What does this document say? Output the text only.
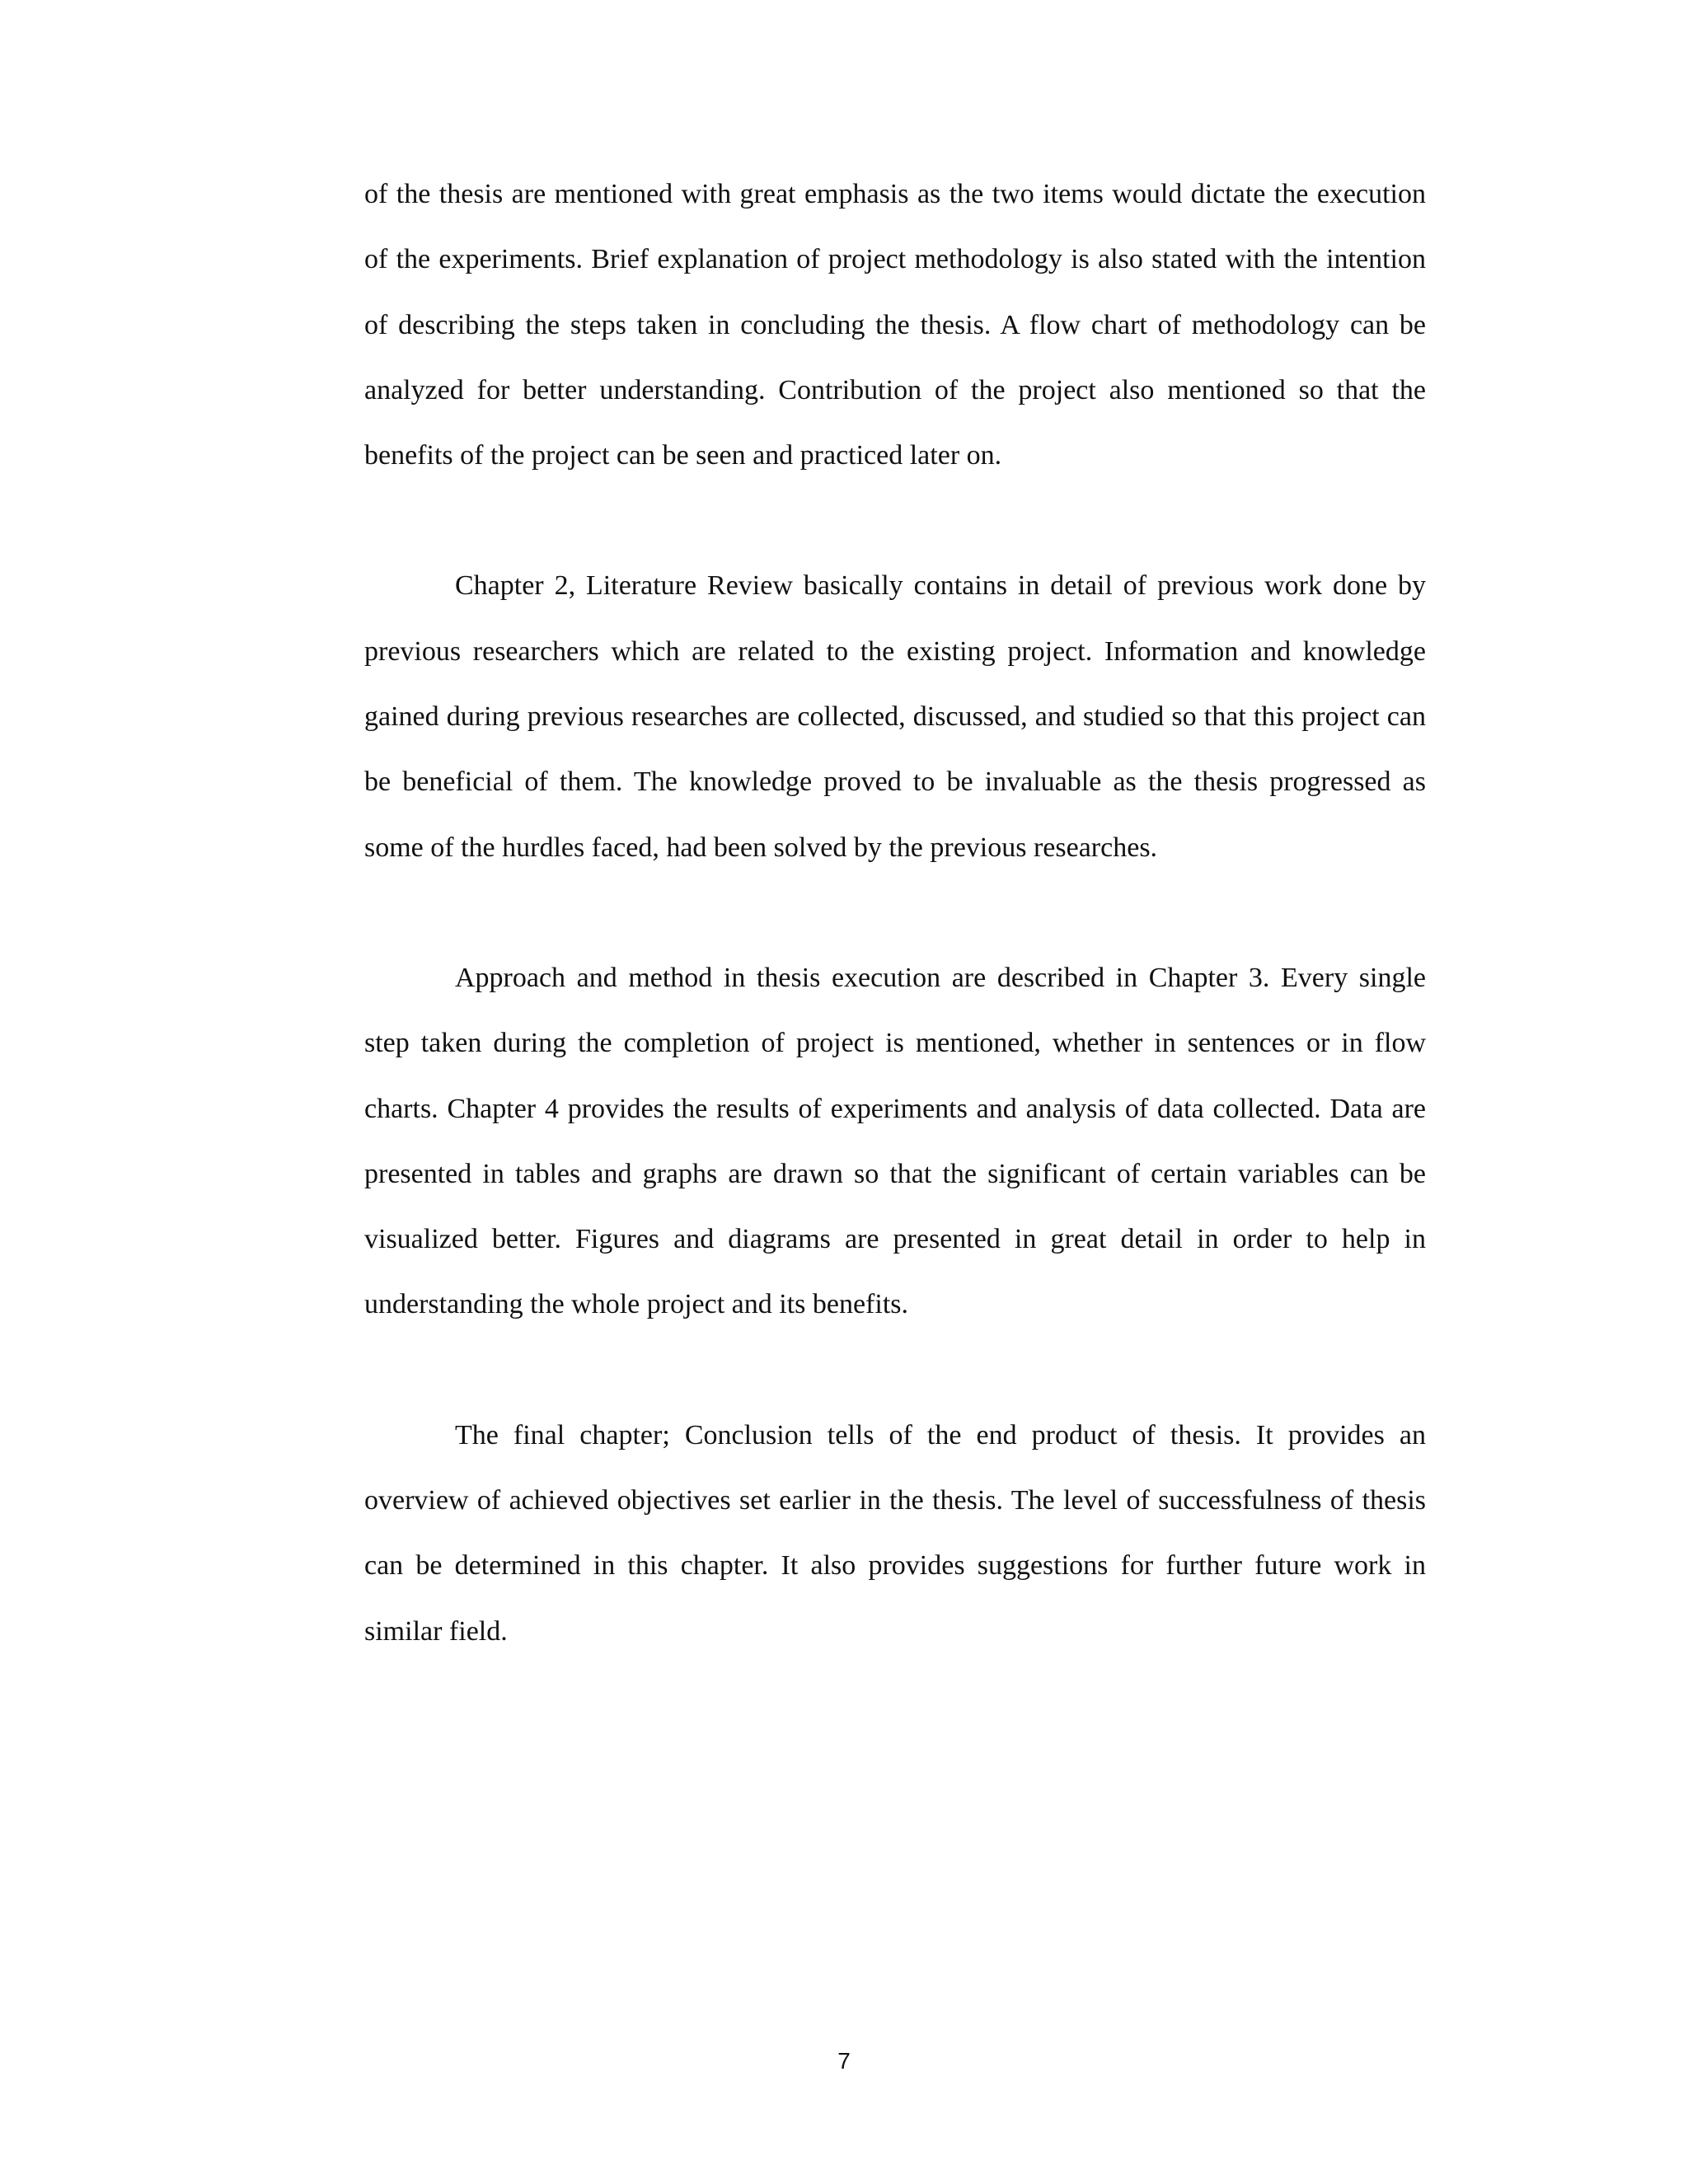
of the thesis are mentioned with great emphasis as the two items would dictate the execution of the experiments. Brief explanation of project methodology is also stated with the intention of describing the steps taken in concluding the thesis. A flow chart of methodology can be analyzed for better understanding. Contribution of the project also mentioned so that the benefits of the project can be seen and practiced later on.

Chapter 2, Literature Review basically contains in detail of previous work done by previous researchers which are related to the existing project. Information and knowledge gained during previous researches are collected, discussed, and studied so that this project can be beneficial of them. The knowledge proved to be invaluable as the thesis progressed as some of the hurdles faced, had been solved by the previous researches.

Approach and method in thesis execution are described in Chapter 3. Every single step taken during the completion of project is mentioned, whether in sentences or in flow charts. Chapter 4 provides the results of experiments and analysis of data collected. Data are presented in tables and graphs are drawn so that the significant of certain variables can be visualized better. Figures and diagrams are presented in great detail in order to help in understanding the whole project and its benefits.

The final chapter; Conclusion tells of the end product of thesis. It provides an overview of achieved objectives set earlier in the thesis. The level of successfulness of thesis can be determined in this chapter. It also provides suggestions for further future work in similar field.

7
